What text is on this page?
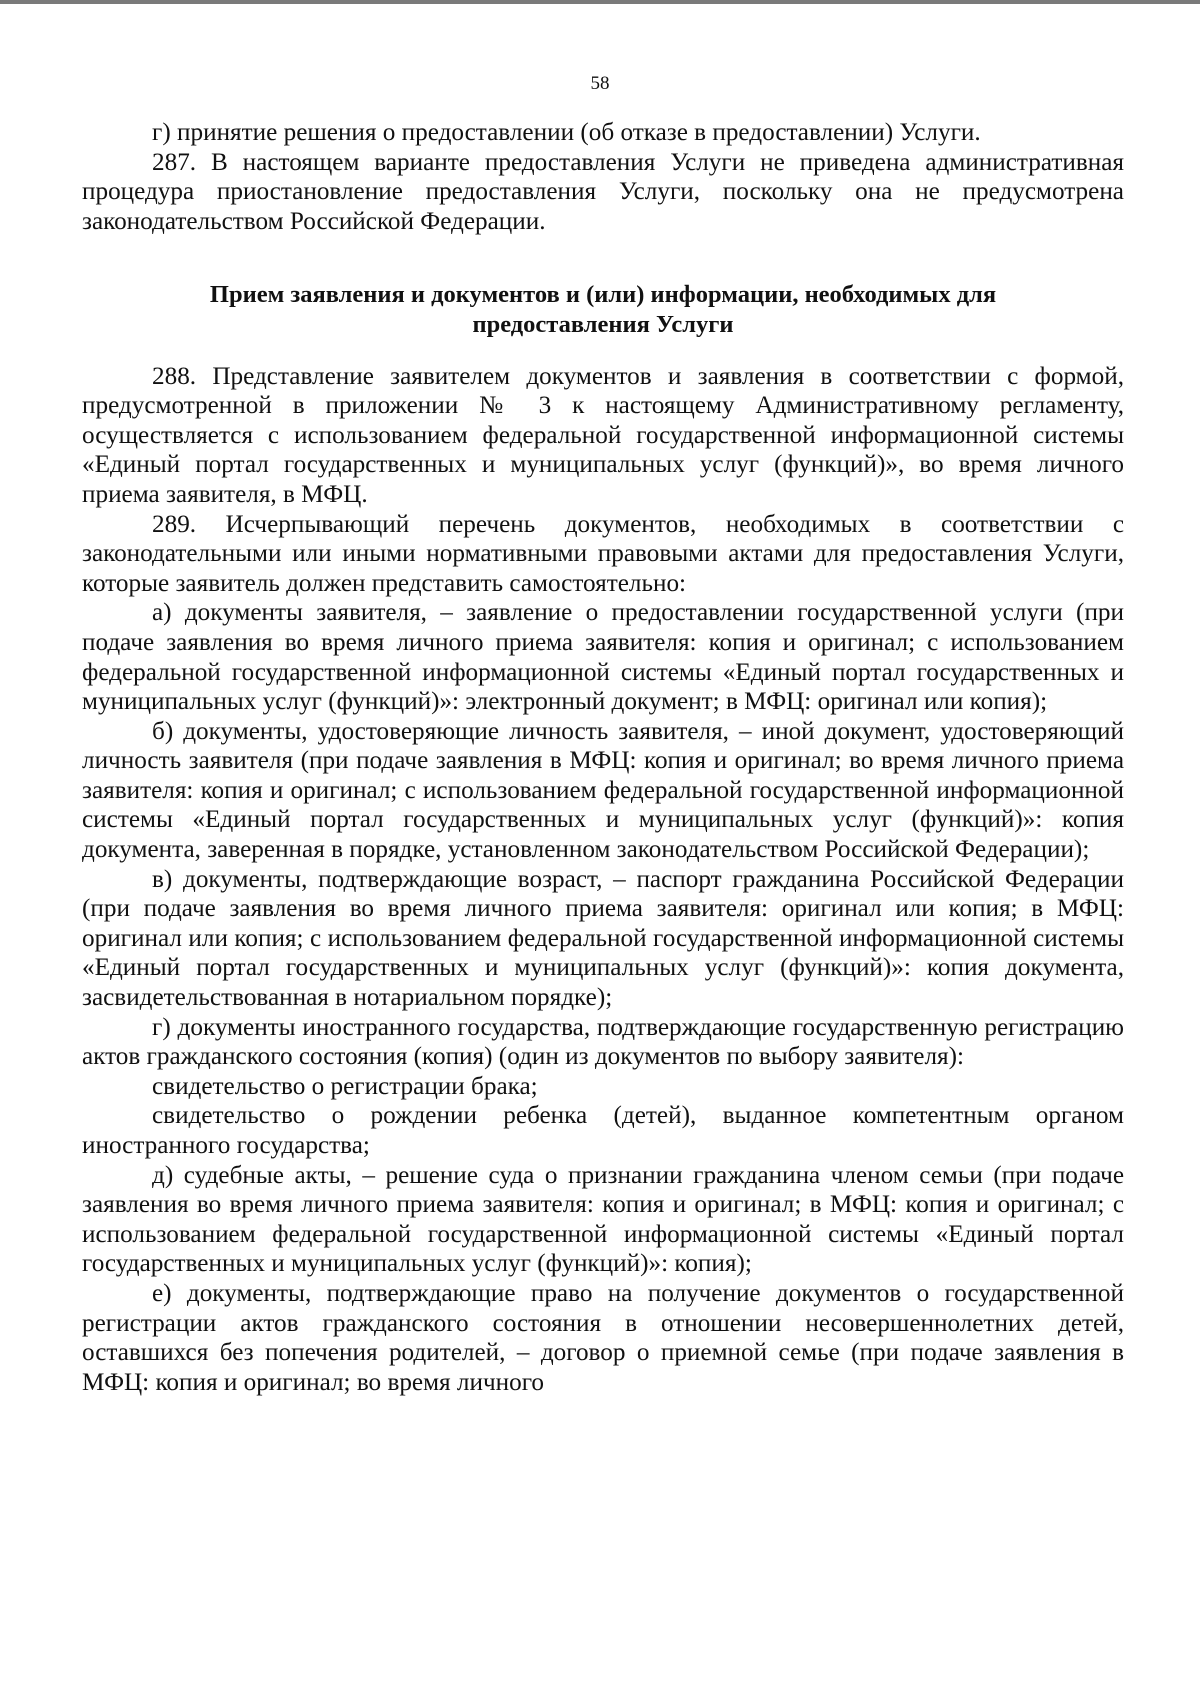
58

г) принятие решения о предоставлении (об отказе в предоставлении) Услуги.

287. В настоящем варианте предоставления Услуги не приведена административная процедура приостановление предоставления Услуги, поскольку она не предусмотрена законодательством Российской Федерации.

Прием заявления и документов и (или) информации, необходимых для предоставления Услуги

288. Представление заявителем документов и заявления в соответствии с формой, предусмотренной в приложении № 3 к настоящему Административному регламенту, осуществляется с использованием федеральной государственной информационной системы «Единый портал государственных и муниципальных услуг (функций)», во время личного приема заявителя, в МФЦ.

289. Исчерпывающий перечень документов, необходимых в соответствии с законодательными или иными нормативными правовыми актами для предоставления Услуги, которые заявитель должен представить самостоятельно:

а) документы заявителя, – заявление о предоставлении государственной услуги (при подаче заявления во время личного приема заявителя: копия и оригинал; с использованием федеральной государственной информационной системы «Единый портал государственных и муниципальных услуг (функций)»: электронный документ; в МФЦ: оригинал или копия);

б) документы, удостоверяющие личность заявителя, – иной документ, удостоверяющий личность заявителя (при подаче заявления в МФЦ: копия и оригинал; во время личного приема заявителя: копия и оригинал; с использованием федеральной государственной информационной системы «Единый портал государственных и муниципальных услуг (функций)»: копия документа, заверенная в порядке, установленном законодательством Российской Федерации);

в) документы, подтверждающие возраст, – паспорт гражданина Российской Федерации (при подаче заявления во время личного приема заявителя: оригинал или копия; в МФЦ: оригинал или копия; с использованием федеральной государственной информационной системы «Единый портал государственных и муниципальных услуг (функций)»: копия документа, засвидетельствованная в нотариальном порядке);

г) документы иностранного государства, подтверждающие государственную регистрацию актов гражданского состояния (копия) (один из документов по выбору заявителя):

свидетельство о регистрации брака;

свидетельство о рождении ребенка (детей), выданное компетентным органом иностранного государства;

д) судебные акты, – решение суда о признании гражданина членом семьи (при подаче заявления во время личного приема заявителя: копия и оригинал; в МФЦ: копия и оригинал; с использованием федеральной государственной информационной системы «Единый портал государственных и муниципальных услуг (функций)»: копия);

е) документы, подтверждающие право на получение документов о государственной регистрации актов гражданского состояния в отношении несовершеннолетних детей, оставшихся без попечения родителей, – договор о приемной семье (при подаче заявления в МФЦ: копия и оригинал; во время личного
